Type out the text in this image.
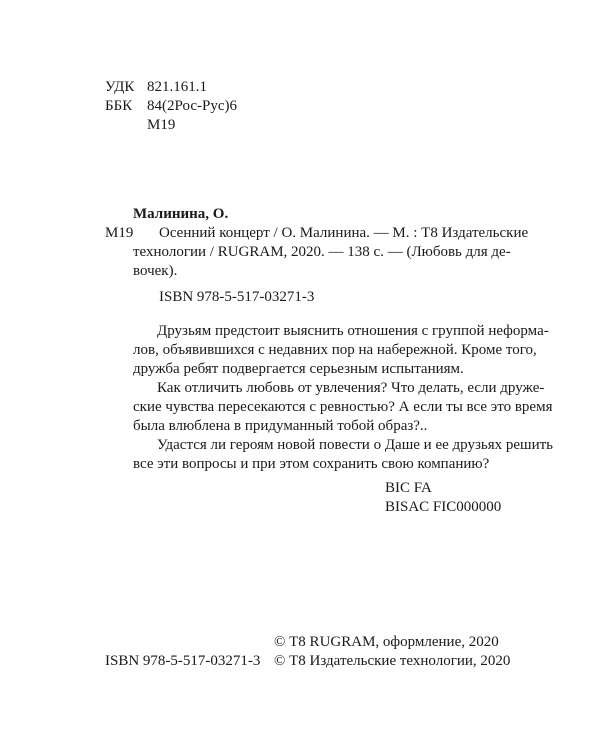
УДК 821.161.1
ББК 84(2Рос-Рус)6
М19
Малинина, О.
М19 Осенний концерт / О. Малинина. — М. : Т8 Издательские
технологии / RUGRAM, 2020. — 138 с. — (Любовь для де-
вочек).
ISBN 978-5-517-03271-3
Друзьям предстоит выяснить отношения с группой неформа-
лов, объявившихся с недавних пор на набережной. Кроме того,
дружба ребят подвергается серьезным испытаниям.
Как отличить любовь от увлечения? Что делать, если друже-
ские чувства пересекаются с ревностью? А если ты все это время
была влюблена в придуманный тобой образ?..
Удастся ли героям новой повести о Даше и ее друзьях решить
все эти вопросы и при этом сохранить свою компанию?
BIC FA
BISAC FIC000000
© Т8 RUGRAM, оформление, 2020
ISBN 978-5-517-03271-3 © Т8 Издательские технологии, 2020
